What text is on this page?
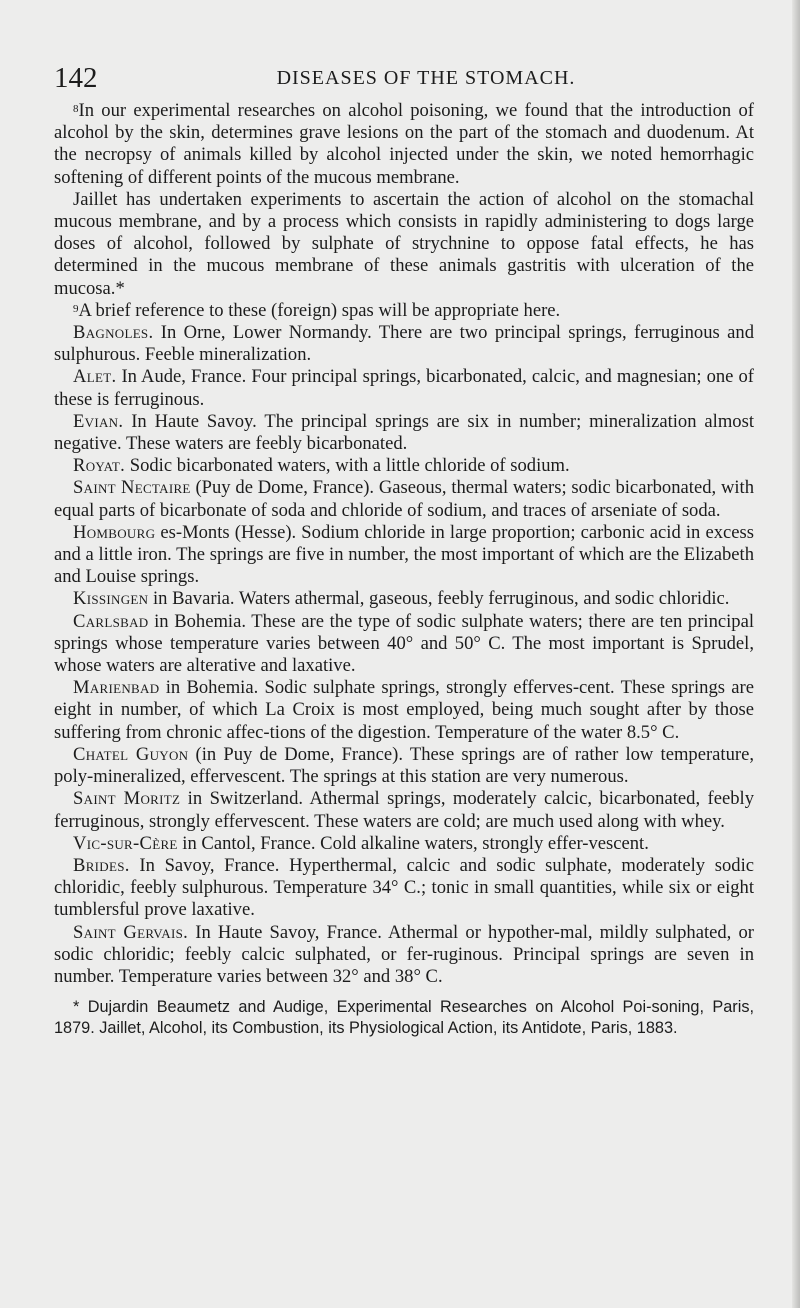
142	DISEASES OF THE STOMACH.

$^8$In our experimental researches on alcohol poisoning, we found that the introduction of alcohol by the skin, determines grave lesions on the part of the stomach and duodenum. At the necropsy of animals killed by alcohol injected under the skin, we noted hemorrhagic softening of different points of the mucous membrane.

Jaillet has undertaken experiments to ascertain the action of alcohol on the stomachal mucous membrane, and by a process which consists in rapidly administering to dogs large doses of alcohol, followed by sulphate of strychnine to oppose fatal effects, he has determined in the mucous membrane of these animals gastritis with ulceration of the mucosa.*

$^9$A brief reference to these (foreign) spas will be appropriate here.

Bagnoles. In Orne, Lower Normandy. There are two principal springs, ferruginous and sulphurous. Feeble mineralization.

Alet. In Aude, France. Four principal springs, bicarbonated, calcic, and magnesian; one of these is ferruginous.

Evian. In Haute Savoy. The principal springs are six in number; mineralization almost negative. These waters are feebly bicarbonated.

Royat. Sodic bicarbonated waters, with a little chloride of sodium.

Saint Nectaire (Puy de Dome, France). Gaseous, thermal waters; sodic bicarbonated, with equal parts of bicarbonate of soda and chloride of sodium, and traces of arseniate of soda.

Hombourg es-Monts (Hesse). Sodium chloride in large proportion; carbonic acid in excess and a little iron. The springs are five in number, the most important of which are the Elizabeth and Louise springs.

Kissingen in Bavaria. Waters athermal, gaseous, feebly ferruginous, and sodic chloridic.

Carlsbad in Bohemia. These are the type of sodic sulphate waters; there are ten principal springs whose temperature varies between 40° and 50° C. The most important is Sprudel, whose waters are alterative and laxative.

Marienbad in Bohemia. Sodic sulphate springs, strongly efferves-cent. These springs are eight in number, of which La Croix is most employed, being much sought after by those suffering from chronic affec-tions of the digestion. Temperature of the water 8.5° C.

Chatel Guyon (in Puy de Dome, France). These springs are of rather low temperature, poly-mineralized, effervescent. The springs at this station are very numerous.

Saint Moritz in Switzerland. Athermal springs, moderately calcic, bicarbonated, feebly ferruginous, strongly effervescent. These waters are cold; are much used along with whey.

Vic-sur-Cère in Cantol, France. Cold alkaline waters, strongly effer-vescent.

Brides. In Savoy, France. Hyperthermal, calcic and sodic sulphate, moderately sodic chloridic, feebly sulphurous. Temperature 34° C.; tonic in small quantities, while six or eight tumblersful prove laxative.

Saint Gervais. In Haute Savoy, France. Athermal or hypother-mal, mildly sulphated, or sodic chloridic; feebly calcic sulphated, or fer-ruginous. Principal springs are seven in number. Temperature varies between 32° and 38° C.

* Dujardin Beaumetz and Audige, Experimental Researches on Alcohol Poi-soning, Paris, 1879. Jaillet, Alcohol, its Combustion, its Physiological Action, its Antidote, Paris, 1883.
